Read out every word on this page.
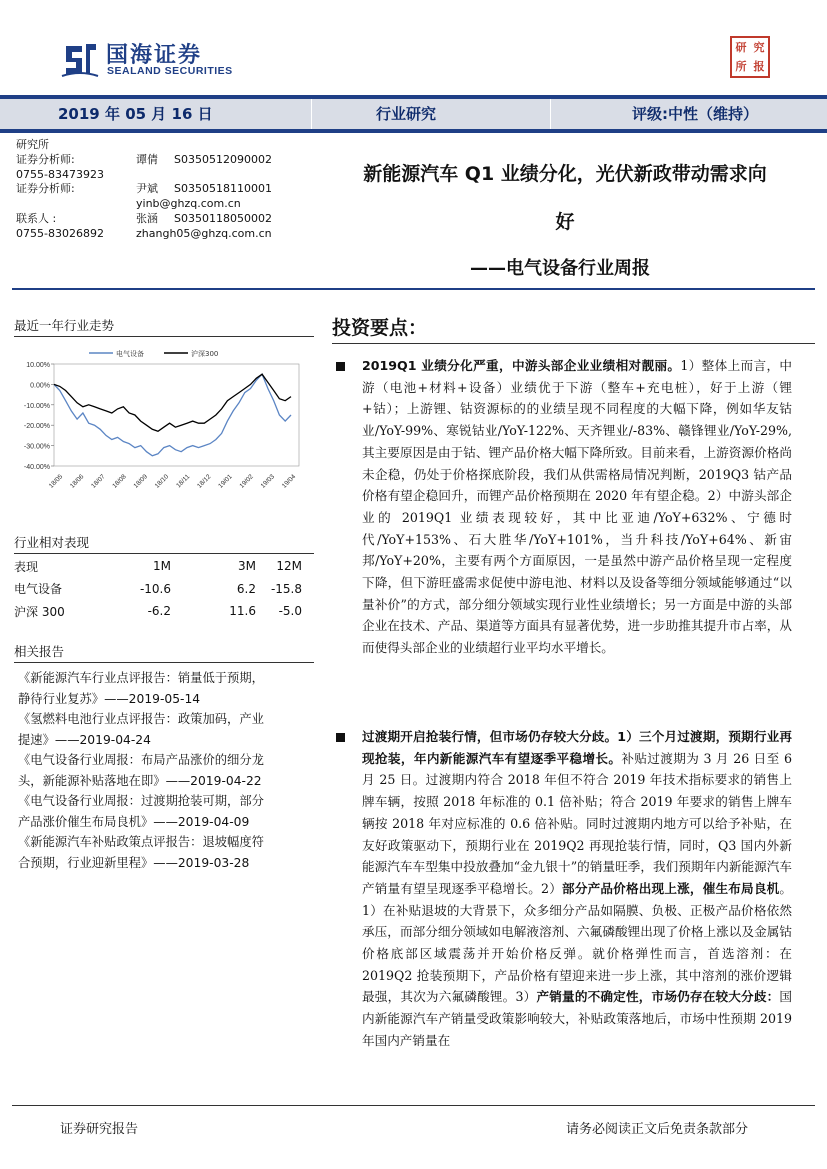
国海证券
SEALAND SECURITIES
研 究
所 报
2019 年 05 月 16 日	行业研究	评级:中性（维持）
研究所
证券分析师:	谭倩 S0350512090002
0755-83473923
证券分析师:	尹斌 S0350518110001
yinb@ghzq.com.cn
联系人 :	张涵 S0350118050002
0755-83026892	zhangh05@ghzq.com.cn
新能源汽车 Q1 业绩分化，光伏新政带动需求向
好
——电气设备行业周报
最近一年行业走势
10.00%
0.00%
-10.00%
-20.00%
-30.00%
-40.00%
18/05 18/06 18/07 18/08 18/09 18/10 18/11 18/12 19/01 19/02 19/03 19/04
电气设备	沪深300
行业相对表现
表现	1M	3M	12M
电气设备	-10.6	6.2	-15.8
沪深 300	-6.2	11.6	-5.0
相关报告

《新能源汽车行业点评报告：销量低于预期，

静待行业复苏》——2019-05-14

《氢燃料电池行业点评报告：政策加码，产业

提速》——2019-04-24

《电气设备行业周报：布局产品涨价的细分龙

头，新能源补贴落地在即》——2019-04-22

《电气设备行业周报：过渡期抢装可期，部分

产品涨价催生布局良机》——2019-04-09

《新能源汽车补贴政策点评报告：退坡幅度符

合预期，行业迎新里程》——2019-03-28

投资要点：
2019Q1 业绩分化严重，中游头部企业业绩相对靓丽。1）整体上而言，中游（电池+材料+设备）业绩优于下游（整车+充电桩），好于上游（锂+钴）；上游锂、钴资源标的的业绩呈现不同程度的大幅下降，例如华友钴业/YoY-99%、寒锐钴业/YoY-122%、天齐锂业/-83%、赣锋锂业/YoY-29%,其主要原因是由于钴、锂产品价格大幅下降所致。目前来看，上游资源价格尚未企稳，仍处于价格探底阶段，我们从供需格局情况判断，2019Q3 钴产品价格有望企稳回升，而锂产品价格预期在 2020 年有望企稳。2）中游头部企业的 2019Q1 业绩表现较好，其中比亚迪/YoY+632%、宁德时代/YoY+153%、石大胜华/YoY+101%，当升科技/YoY+64%、新宙邦/YoY+20%，主要有两个方面原因，一是虽然中游产品价格呈现一定程度下降，但下游旺盛需求促使中游电池、材料以及设备等细分领域能够通过“以量补价”的方式，部分细分领域实现行业性业绩增长；另一方面是中游的头部企业在技术、产品、渠道等方面具有显著优势，进一步助推其提升市占率，从而使得头部企业的业绩超行业平均水平增长。
过渡期开启抢装行情，但市场仍存较大分歧。1）三个月过渡期，预期行业再现抢装，年内新能源汽车有望逐季平稳增长。补贴过渡期为 3 月 26 日至 6 月 25 日。过渡期内符合 2018 年但不符合 2019 年技术指标要求的销售上牌车辆，按照 2018 年标准的 0.1 倍补贴；符合 2019 年要求的销售上牌车辆按 2018 年对应标准的 0.6 倍补贴。同时过渡期内地方可以给予补贴，在友好政策驱动下，预期行业在 2019Q2 再现抢装行情，同时，Q3 国内外新能源汽车车型集中投放叠加“金九银十”的销量旺季，我们预期年内新能源汽车产销量有望呈现逐季平稳增长。2）部分产品价格出现上涨，催生布局良机。1）在补贴退坡的大背景下，众多细分产品如隔膜、负极、正极产品价格依然承压，而部分细分领域如电解液溶剂、六氟磷酸锂出现了价格上涨以及金属钴价格底部区域震荡并开始价格反弹。就价格弹性而言，首选溶剂：在 2019Q2 抢装预期下，产品价格有望迎来进一步上涨，其中溶剂的涨价逻辑最强，其次为六氟磷酸锂。3）产销量的不确定性，市场仍存在较大分歧：国内新能源汽车产销量受政策影响较大，补贴政策落地后，市场中性预期 2019 年国内产销量在
证券研究报告	请务必阅读正文后免责条款部分
